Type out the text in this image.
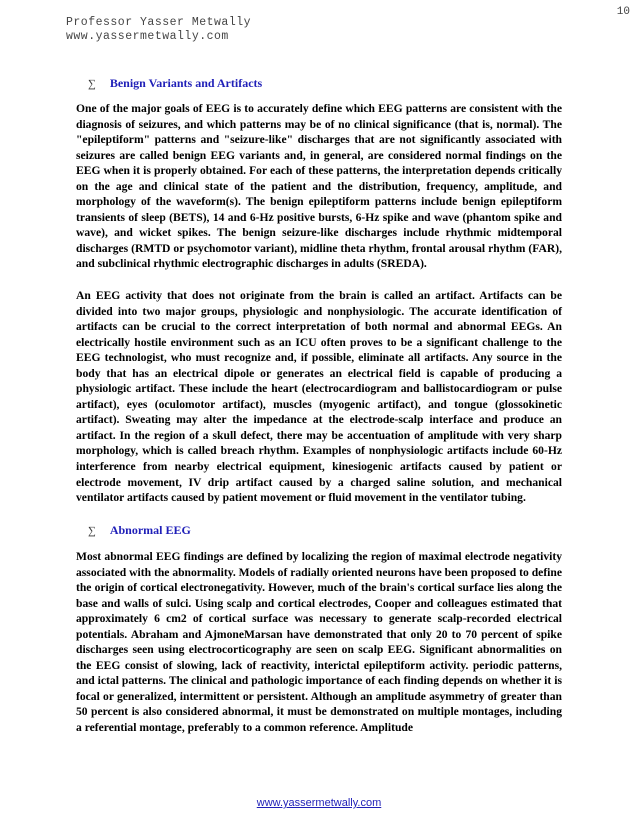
10
Professor Yasser Metwally
www.yassermetwally.com
∑ Benign Variants and Artifacts

One of the major goals of EEG is to accurately define which EEG patterns are consistent with the diagnosis of seizures, and which patterns may be of no clinical significance (that is, normal). The "epileptiform" patterns and "seizure-like" discharges that are not significantly associated with seizures are called benign EEG variants and, in general, are considered normal findings on the EEG when it is properly obtained. For each of these patterns, the interpretation depends critically on the age and clinical state of the patient and the distribution, frequency, amplitude, and morphology of the waveform(s). The benign epileptiform patterns include benign epileptiform transients of sleep (BETS), 14 and 6-Hz positive bursts, 6-Hz spike and wave (phantom spike and wave), and wicket spikes. The benign seizure-like discharges include rhythmic midtemporal discharges (RMTD or psychomotor variant), midline theta rhythm, frontal arousal rhythm (FAR), and subclinical rhythmic electrographic discharges in adults (SREDA).

An EEG activity that does not originate from the brain is called an artifact. Artifacts can be divided into two major groups, physiologic and nonphysiologic. The accurate identification of artifacts can be crucial to the correct interpretation of both normal and abnormal EEGs. An electrically hostile environment such as an ICU often proves to be a significant challenge to the EEG technologist, who must recognize and, if possible, eliminate all artifacts. Any source in the body that has an electrical dipole or generates an electrical field is capable of producing a physiologic artifact. These include the heart (electrocardiogram and ballistocardiogram or pulse artifact), eyes (oculomotor artifact), muscles (myogenic artifact), and tongue (glossokinetic artifact). Sweating may alter the impedance at the electrode-scalp interface and produce an artifact. In the region of a skull defect, there may be accentuation of amplitude with very sharp morphology, which is called breach rhythm. Examples of nonphysiologic artifacts include 60-Hz interference from nearby electrical equipment, kinesiogenic artifacts caused by patient or electrode movement, IV drip artifact caused by a charged saline solution, and mechanical ventilator artifacts caused by patient movement or fluid movement in the ventilator tubing.

∑ Abnormal EEG

Most abnormal EEG findings are defined by localizing the region of maximal electrode negativity associated with the abnormality. Models of radially oriented neurons have been proposed to define the origin of cortical electronegativity. However, much of the brain's cortical surface lies along the base and walls of sulci. Using scalp and cortical electrodes, Cooper and colleagues estimated that approximately 6 cm2 of cortical surface was necessary to generate scalp-recorded electrical potentials. Abraham and AjmoneMarsan have demonstrated that only 20 to 70 percent of spike discharges seen using electrocorticography are seen on scalp EEG. Significant abnormalities on the EEG consist of slowing, lack of reactivity, interictal epileptiform activity. periodic patterns, and ictal patterns. The clinical and pathologic importance of each finding depends on whether it is focal or generalized, intermittent or persistent. Although an amplitude asymmetry of greater than 50 percent is also considered abnormal, it must be demonstrated on multiple montages, including a referential montage, preferably to a common reference. Amplitude

www.yassermetwally.com
